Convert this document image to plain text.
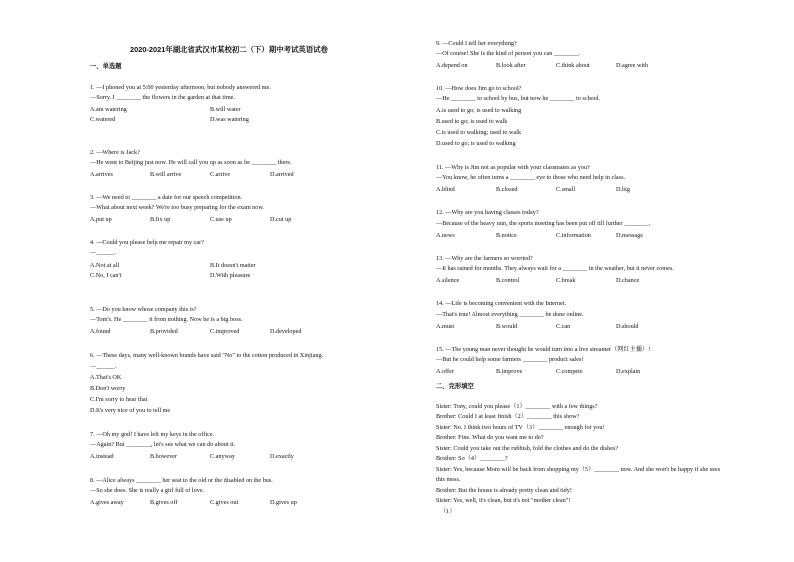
2020-2021年湖北省武汉市某校初二（下）期中考试英语试卷
一、单选题
1. —I phoned you at 5:00 yesterday afternoon, but nobody answered me.
—Sorry. I ________ the flowers in the garden at that time.
A.am watering	B.will water
C.watered	D.was watering
2. —Where is Jack?
—He went to Beijing just now. He will call you up as soon as he ________ there.
A.arrives	B.will arrive	C.arrive	D.arrived
3. —We need to ________ a date for our speech competition.
—What about next week? We're too busy preparing for the exam now.
A.put up	B.fix up	C.use up	D.cut up
4. —Could you please help me repair my car?
—______.
A.Not at all	B.It doesn't matter
C.No, I can't	D.With pleasure
5. —Do you know whose company this is?
—Tom's. He ________ it from nothing. Now he is a big boss.
A.found	B.provided	C.improved	D.developed
6. —These days, many well-known brands have said "No" to the cotton produced in Xinjiang.
—______.
A.That's OK
B.Don't worry
C.I'm sorry to hear that
D.It's very nice of you to tell me
7. —Oh my god! I have left my keys in the office.
—Again? But ________, let's see what we can do about it.
A.instead	B.however	C.anyway	D.exactly
8. —Alice always ________ her seat to the old or the disabled on the bus.
—So she does. She is really a girl full of love.
A.gives away	B.gives off	C.gives out	D.gives up
9. —Could I tell her everything?
—Of course! She is the kind of person you can ________.
A.depend on	B.look after	C.think about	D.agree with
10. —How does Jim go to school?
—He ________ to school by bus, but now he ________ to school.
A.is used to go; is used to walking
B.used to go; is used to walk
C.is used to walking; used to walk
D.used to go; is used to walking
11. —Why is Jim not as popular with your classmates as you?
—You know, he often turns a ________ eye to those who need help in class.
A.blind	B.closed	C.small	D.big
12. —Why are you having classes today?
—Because of the heavy rain, the sports meeting has been put off till further ________.
A.news	B.notice	C.information	D.message
13. —Why are the farmers so worried?
—It has rained for months. They always wait for a ________ in the weather, but it never comes.
A.silence	B.control	C.break	D.chance
14. —Life is becoming convenient with the Internet.
—That's true! Almost everything ________ be done online.
A.must	B.would	C.can	D.should
15. —The young man never thought he would turn into a live streamer（网红主播）!
—But he could help some farmers ________ product sales!
A.offer	B.improve	C.compete	D.explain
二、完形填空
Sister: Tony, could you please（1）________ with a few things?
Brother: Could I at least finish（2）________ this show?
Sister: No. I think two hours of TV（3）________ enough for you!
Brother: Fine. What do you want me to do?
Sister: Could you take out the rubbish, fold the clothes and do the dishes?
Brother: So（4）________?
Sister: Yes, because Mom will be back from shopping my（5）________ now. And she won't be happy if she sees
this mess.
Brother: But the house is already pretty clean and tidy!
Sister: Yes, well, it's clean, but it's not "mother clean"!
（1）
